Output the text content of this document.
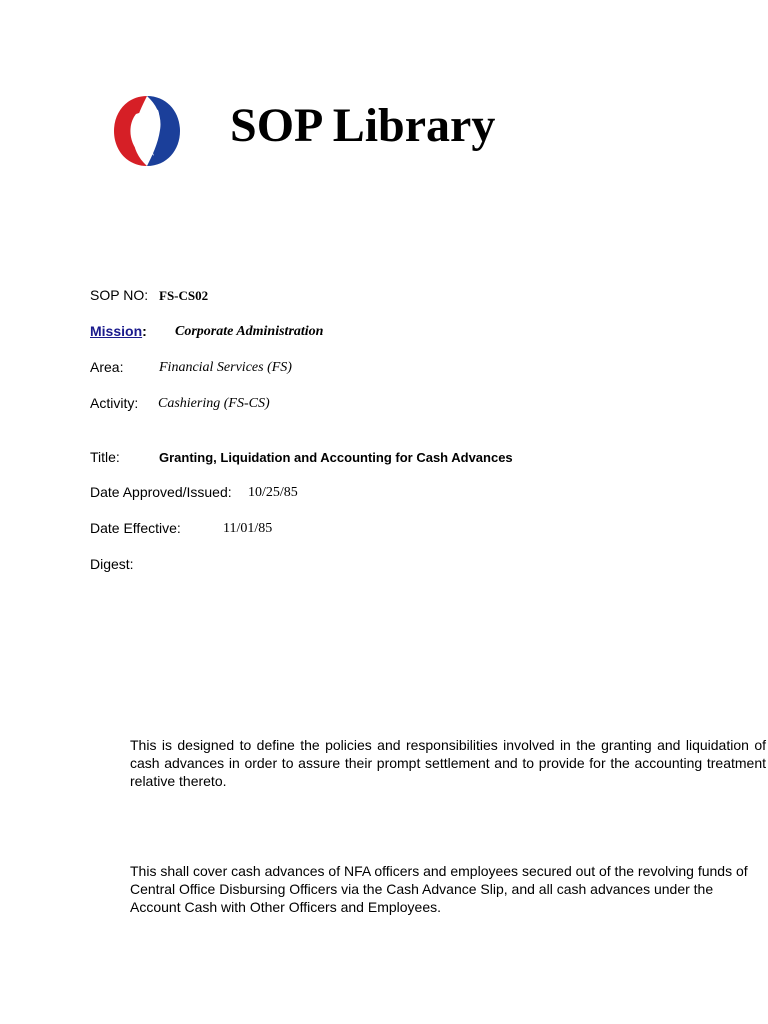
SOP Library
SOP NO: FS-CS02
Mission: Corporate Administration
Area:	Financial Services (FS)
Activity: Cashiering (FS-CS)
Title:	Granting, Liquidation and Accounting for Cash Advances
Date Approved/Issued: 10/25/85
Date Effective:	11/01/85
Digest:

This is designed to define the policies and responsibilities involved in the granting and liquidation of cash advances in order to assure their prompt settlement and to provide for the accounting treatment relative thereto.

This shall cover cash advances of NFA officers and employees secured out of the revolving funds of Central Office Disbursing Officers via the Cash Advance Slip, and all cash advances under the Account Cash with Other Officers and Employees.
